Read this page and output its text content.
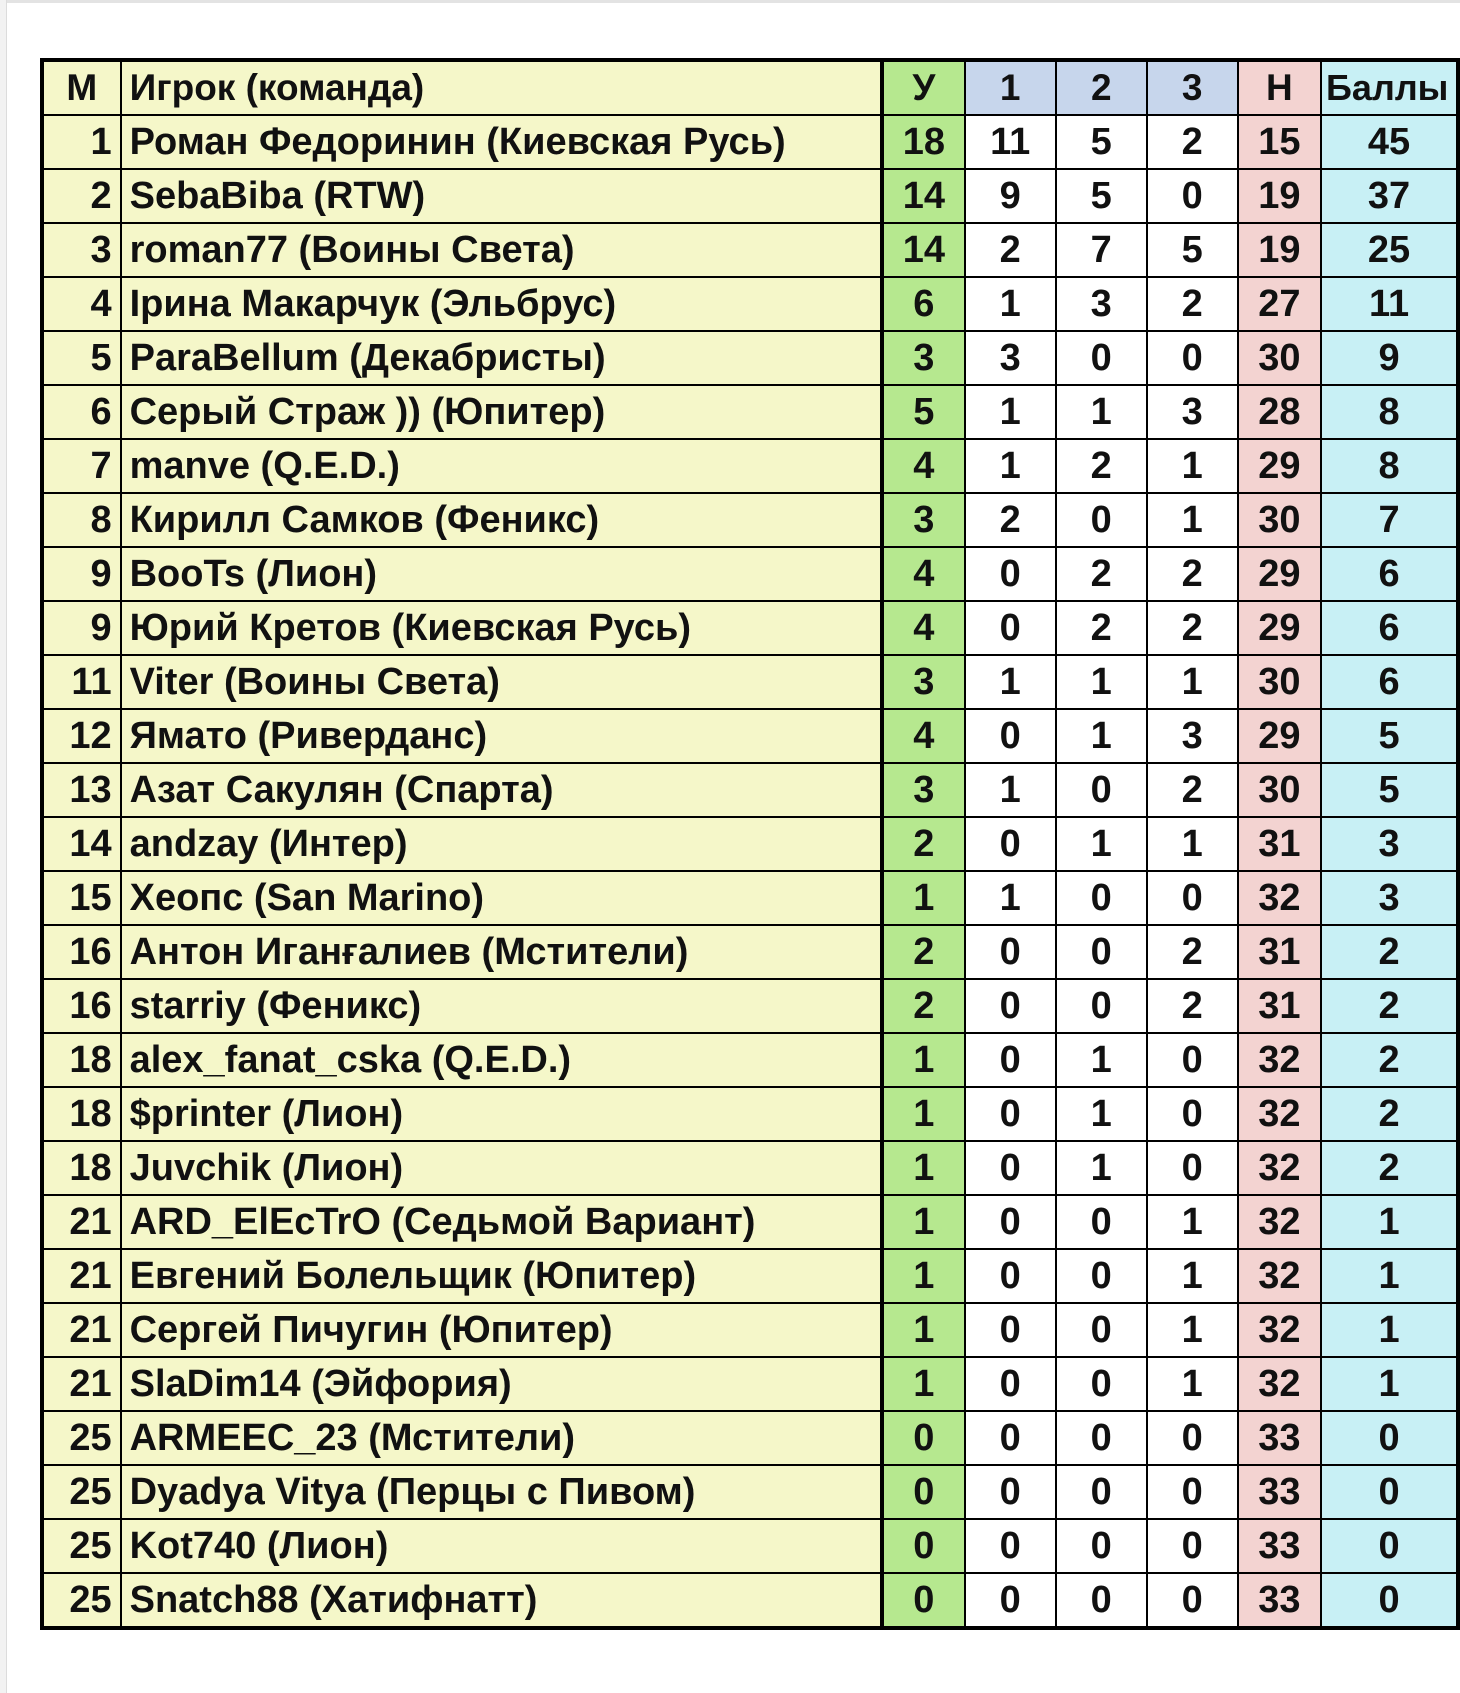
М	Игрок (команда)	У	1	2	3	Н	Баллы
1	Роман Федоринин (Киевская Русь)	18	11	5	2	15	45
2	SebaBiba (RTW)	14	9	5	0	19	37
3	roman77 (Воины Света)	14	2	7	5	19	25
4	Ірина Макарчук (Эльбрус)	6	1	3	2	27	11
5	ParaBellum (Декабристы)	3	3	0	0	30	9
6	Серый Страж )) (Юпитер)	5	1	1	3	28	8
7	manve (Q.E.D.)	4	1	2	1	29	8
8	Кирилл Самков (Феникс)	3	2	0	1	30	7
9	BooTs (Лион)	4	0	2	2	29	6
9	Юрий Кретов (Киевская Русь)	4	0	2	2	29	6
11	Viter (Воины Света)	3	1	1	1	30	6
12	Ямато (Риверданс)	4	0	1	3	29	5
13	Азат Сакулян (Спарта)	3	1	0	2	30	5
14	andzay (Интер)	2	0	1	1	31	3
15	Хеопс (San Marino)	1	1	0	0	32	3
16	Антон Иганғалиев (Мстители)	2	0	0	2	31	2
16	starriy (Феникс)	2	0	0	2	31	2
18	alex_fanat_cska (Q.E.D.)	1	0	1	0	32	2
18	$printer (Лион)	1	0	1	0	32	2
18	Juvchik (Лион)	1	0	1	0	32	2
21	ARD_ElEcTrO (Седьмой Вариант)	1	0	0	1	32	1
21	Евгений Болельщик (Юпитер)	1	0	0	1	32	1
21	Сергей Пичугин (Юпитер)	1	0	0	1	32	1
21	SlaDim14 (Эйфория)	1	0	0	1	32	1
25	ARMEEC_23 (Мстители)	0	0	0	0	33	0
25	Dyadya Vitya (Перцы с Пивом)	0	0	0	0	33	0
25	Kot740 (Лион)	0	0	0	0	33	0
25	Snatch88 (Хатифнатт)	0	0	0	0	33	0
